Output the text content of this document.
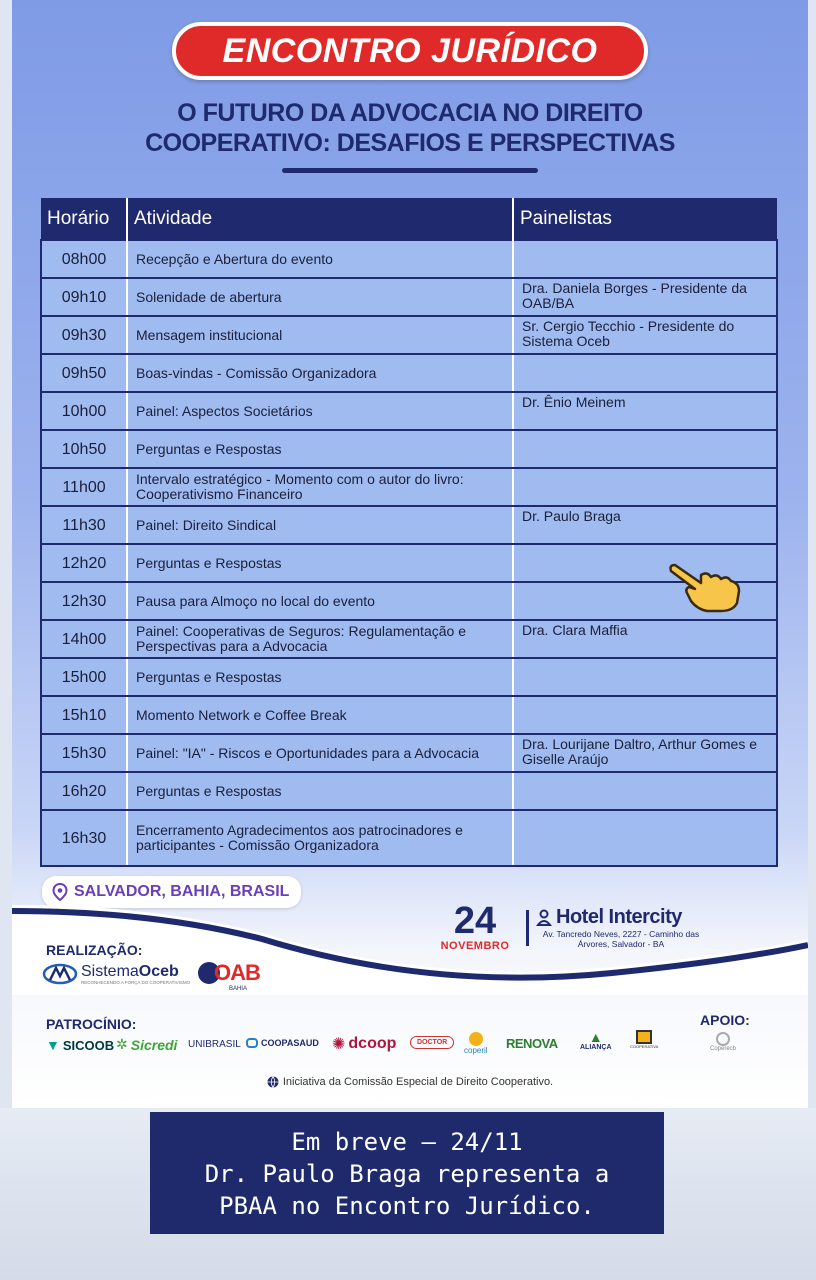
ENCONTRO JURÍDICO
O FUTURO DA ADVOCACIA NO DIREITO
COOPERATIVO: DESAFIOS E PERSPECTIVAS
Horário	Atividade	Painelistas
08h00	Recepção e Abertura do evento	
09h10	Solenidade de abertura	Dra. Daniela Borges - Presidente da OAB/BA
09h30	Mensagem institucional	Sr. Cergio Tecchio - Presidente do Sistema Oceb
09h50	Boas-vindas - Comissão Organizadora	
10h00	Painel: Aspectos Societários	Dr. Ênio Meinem
10h50	Perguntas e Respostas	
11h00	Intervalo estratégico - Momento com o autor do livro: Cooperativismo Financeiro	
11h30	Painel: Direito Sindical	Dr. Paulo Braga
12h20	Perguntas e Respostas	
12h30	Pausa para Almoço no local do evento	
14h00	Painel: Cooperativas de Seguros: Regulamentação e Perspectivas para a Advocacia	Dra. Clara Maffia
15h00	Perguntas e Respostas	
15h10	Momento Network e Coffee Break	
15h30	Painel: "IA" - Riscos e Oportunidades para a Advocacia	Dra. Lourijane Daltro, Arthur Gomes e Giselle Araújo
16h20	Perguntas e Respostas	
16h30	Encerramento Agradecimentos aos patrocinadores e participantes - Comissão Organizadora	
SALVADOR, BAHIA, BRASIL
24
NOVEMBRO
Hotel Intercity
Av. Tancredo Neves, 2227 - Caminho das Árvores, Salvador - BA
REALIZAÇÃO:
SistemaOceb
RECONHECENDO A FORÇA DO COOPERATIVISMO OAB
BAHIA
PATROCÍNIO:	APOIO:
▼ SICOOB ✲ Sicredi UNIBRASIL COOPASAUD ✺ dcoop	DOCTOR
coperil RENOVA ▲
ALIANÇA	COOPERATIVA	Coperecb
Iniciativa da Comissão Especial de Direito Cooperativo.
Em breve – 24/11
Dr. Paulo Braga representa a
PBAA no Encontro Jurídico.
